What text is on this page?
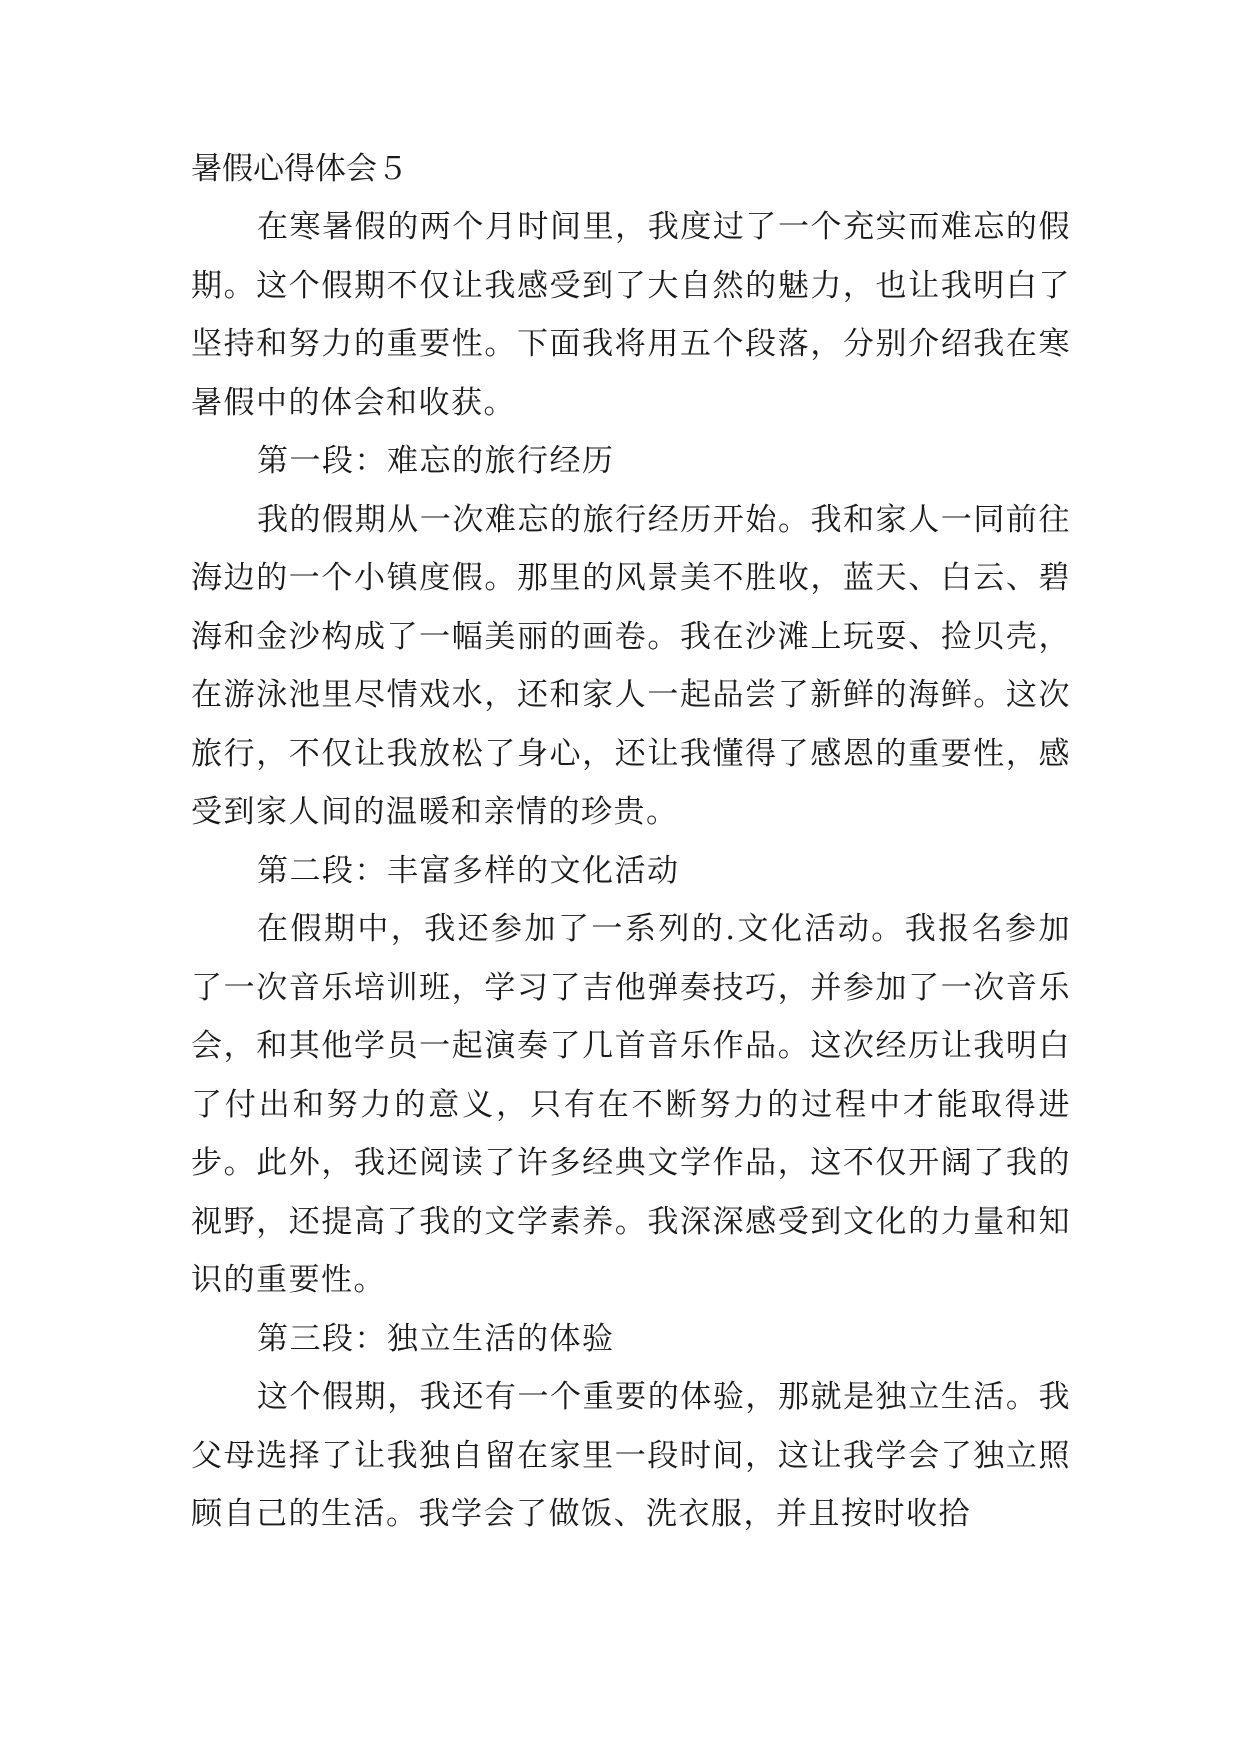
暑假心得体会５

在寒暑假的两个月时间里，我度过了一个充实而难忘的假期。这个假期不仅让我感受到了大自然的魅力，也让我明白了坚持和努力的重要性。下面我将用五个段落，分别介绍我在寒暑假中的体会和收获。

第一段：难忘的旅行经历

我的假期从一次难忘的旅行经历开始。我和家人一同前往海边的一个小镇度假。那里的风景美不胜收，蓝天、白云、碧海和金沙构成了一幅美丽的画卷。我在沙滩上玩耍、捡贝壳，在游泳池里尽情戏水，还和家人一起品尝了新鲜的海鲜。这次旅行，不仅让我放松了身心，还让我懂得了感恩的重要性，感受到家人间的温暖和亲情的珍贵。

第二段：丰富多样的文化活动

在假期中，我还参加了一系列的.文化活动。我报名参加了一次音乐培训班，学习了吉他弹奏技巧，并参加了一次音乐会，和其他学员一起演奏了几首音乐作品。这次经历让我明白了付出和努力的意义，只有在不断努力的过程中才能取得进步。此外，我还阅读了许多经典文学作品，这不仅开阔了我的视野，还提高了我的文学素养。我深深感受到文化的力量和知识的重要性。

第三段：独立生活的体验

这个假期，我还有一个重要的体验，那就是独立生活。我父母选择了让我独自留在家里一段时间，这让我学会了独立照顾自己的生活。我学会了做饭、洗衣服，并且按时收拾
